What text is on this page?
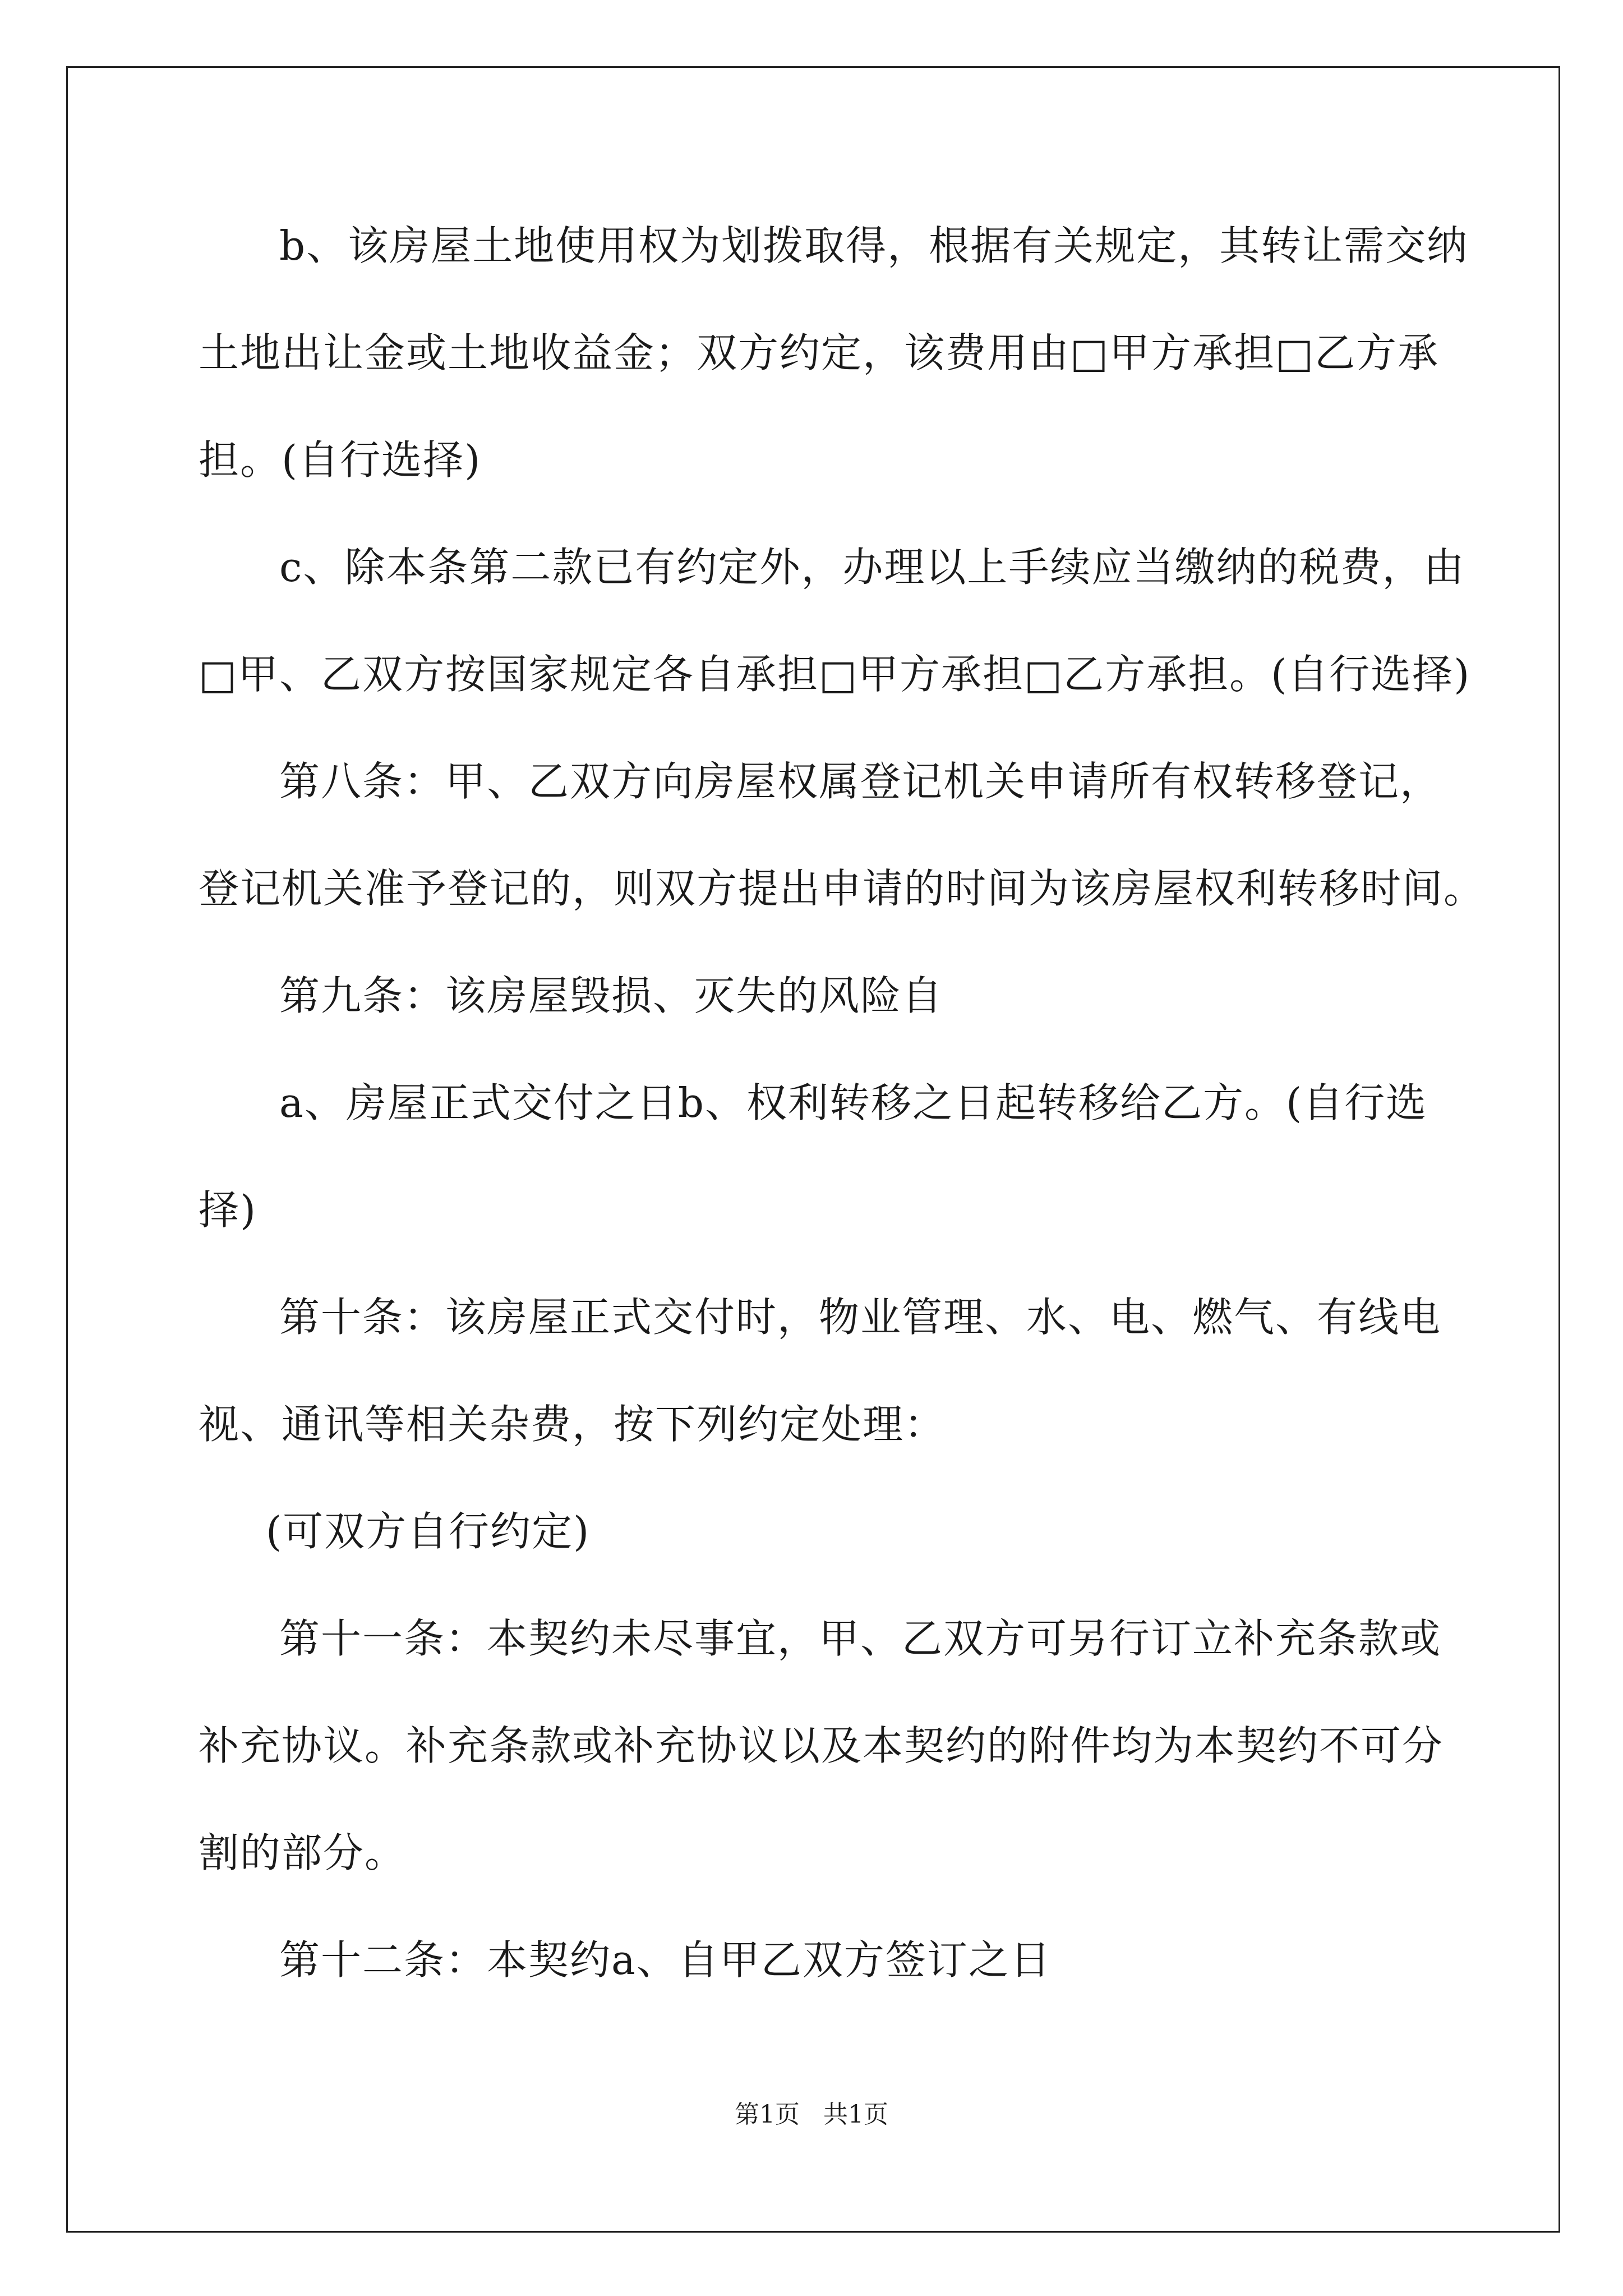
b、该房屋土地使用权为划拨取得，根据有关规定，其转让需交纳
土地出让金或土地收益金；双方约定，该费用由□甲方承担□乙方承
担。(自行选择)
c、除本条第二款已有约定外，办理以上手续应当缴纳的税费，由
□甲、乙双方按国家规定各自承担□甲方承担□乙方承担。(自行选择)
第八条：甲、乙双方向房屋权属登记机关申请所有权转移登记，
登记机关准予登记的，则双方提出申请的时间为该房屋权利转移时间。
第九条：该房屋毁损、灭失的风险自
a、房屋正式交付之日b、权利转移之日起转移给乙方。(自行选
择)
第十条：该房屋正式交付时，物业管理、水、电、燃气、有线电
视、通讯等相关杂费，按下列约定处理：
(可双方自行约定)
第十一条：本契约未尽事宜，甲、乙双方可另行订立补充条款或
补充协议。补充条款或补充协议以及本契约的附件均为本契约不可分
割的部分。
第十二条：本契约a、自甲乙双方签订之日
第1页   共1页
